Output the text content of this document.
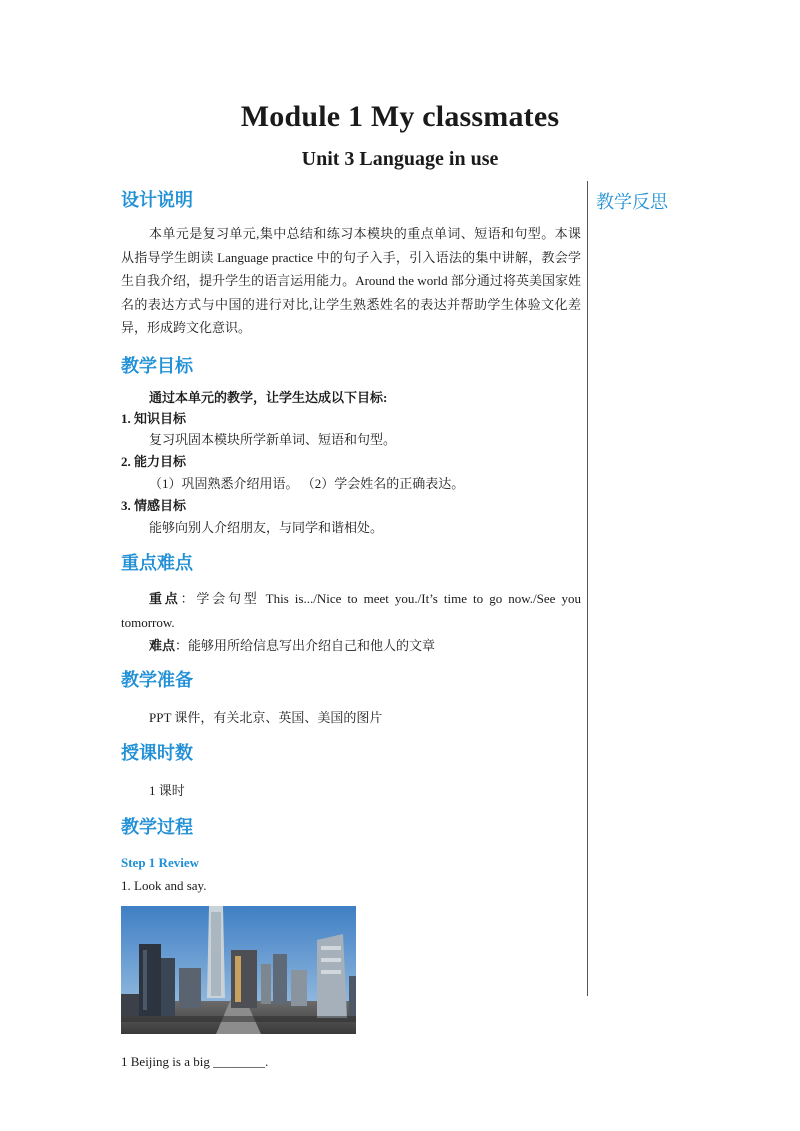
Module 1 My classmates
Unit 3 Language in use
教学反思
设计说明

本单元是复习单元,集中总结和练习本模块的重点单词、短语和句型。本课从指导学生朗读 Language practice 中的句子入手，引入语法的集中讲解，教会学生自我介绍，提升学生的语言运用能力。Around the world 部分通过将英美国家姓名的表达方式与中国的进行对比,让学生熟悉姓名的表达并帮助学生体验文化差异，形成跨文化意识。

教学目标

通过本单元的教学，让学生达成以下目标:

1. 知识目标

复习巩固本模块所学新单词、短语和句型。

2. 能力目标

（1）巩固熟悉介绍用语。 （2）学会姓名的正确表达。

3. 情感目标

能够向别人介绍朋友，与同学和谐相处。

重点难点

重点：学会句型 This is.../Nice to meet you./It’s time to go now./See you tomorrow.

难点：能够用所给信息写出介绍自己和他人的文章

教学准备

PPT 课件，有关北京、英国、美国的图片

授课时数

1 课时

教学过程

Step 1 Review

1. Look and say.

1 Beijing is a big ________.
